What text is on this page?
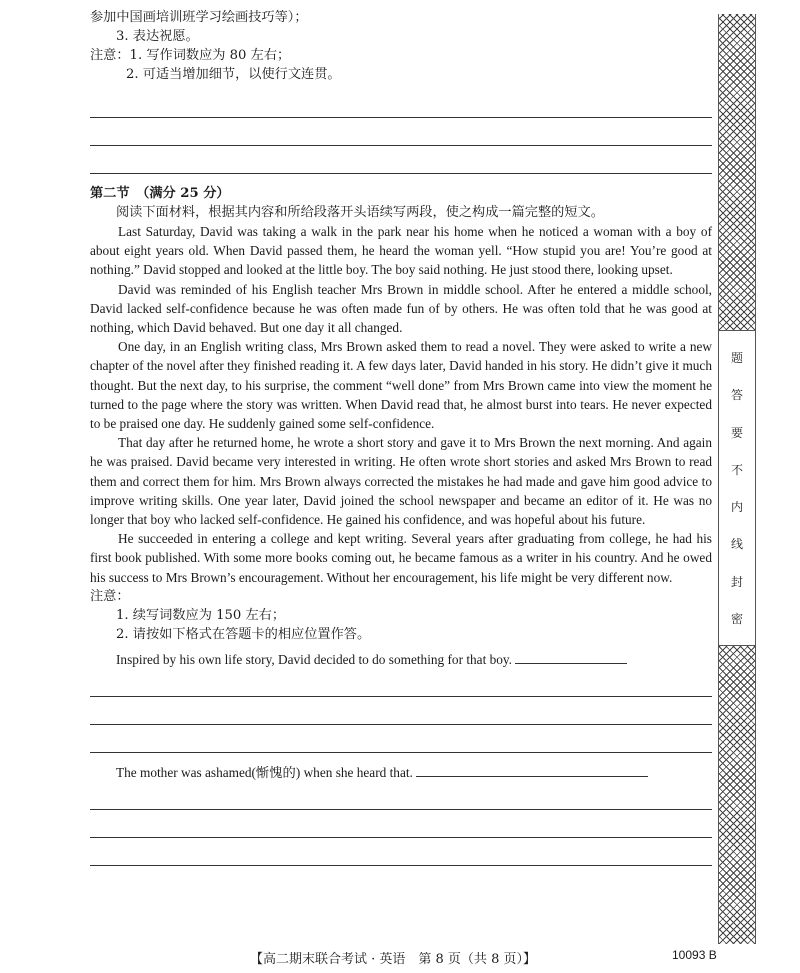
参加中国画培训班学习绘画技巧等）；
3. 表达祝愿。
注意：1. 写作词数应为 80 左右；
2. 可适当增加细节，以使行文连贯。
第二节　（满分 25 分）
阅读下面材料，根据其内容和所给段落开头语续写两段，使之构成一篇完整的短文。
Last Saturday, David was taking a walk in the park near his home when he noticed a woman with a boy of about eight years old. When David passed them, he heard the woman yell. “How stupid you are! You’re good at nothing.” David stopped and looked at the little boy. The boy said nothing. He just stood there, looking upset.
David was reminded of his English teacher Mrs Brown in middle school. After he entered a middle school, David lacked self-confidence because he was often made fun of by others. He was often told that he was good at nothing, which David behaved. But one day it all changed.
One day, in an English writing class, Mrs Brown asked them to read a novel. They were asked to write a new chapter of the novel after they finished reading it. A few days later, David handed in his story. He didn’t give it much thought. But the next day, to his surprise, the comment “well done” from Mrs Brown came into view the moment he turned to the page where the story was written. When David read that, he almost burst into tears. He never expected to be praised one day. He suddenly gained some self-confidence.
That day after he returned home, he wrote a short story and gave it to Mrs Brown the next morning. And again he was praised. David became very interested in writing. He often wrote short stories and asked Mrs Brown to read them and correct them for him. Mrs Brown always corrected the mistakes he had made and gave him good advice to improve writing skills. One year later, David joined the school newspaper and became an editor of it. He was no longer that boy who lacked self-confidence. He gained his confidence, and was hopeful about his future.
He succeeded in entering a college and kept writing. Several years after graduating from college, he had his first book published. With some more books coming out, he became famous as a writer in his country. And he owed his success to Mrs Brown’s encouragement. Without her encouragement, his life might be very different now.
注意：
1. 续写词数应为 150 左右；
2. 请按如下格式在答题卡的相应位置作答。
Inspired by his own life story, David decided to do something for that boy.
The mother was ashamed(惭愧的) when she heard that.
题
答
要
不
内
线
封
密
【高二期末联合考试 · 英语　第 8 页（共 8 页）】	10093 B
